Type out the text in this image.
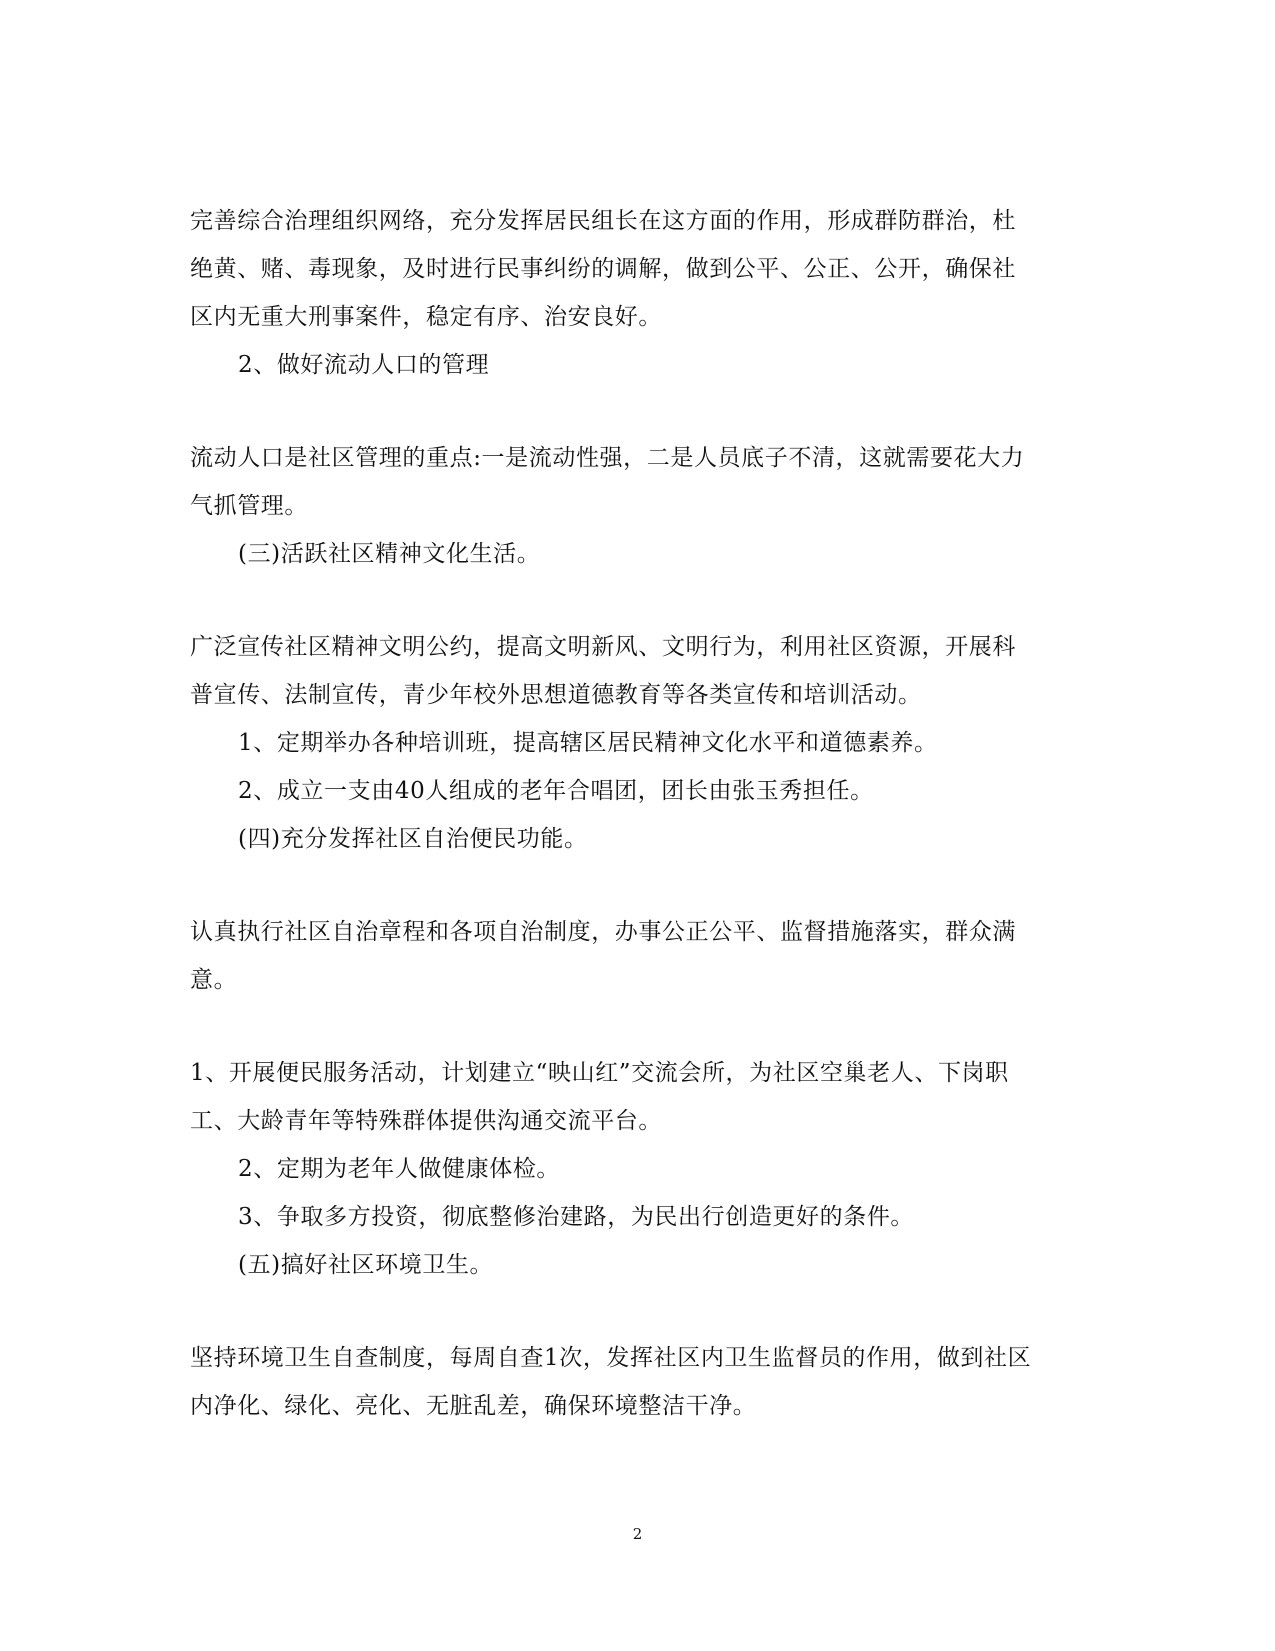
完善综合治理组织网络，充分发挥居民组长在这方面的作用，形成群防群治，杜
绝黄、赌、毒现象，及时进行民事纠纷的调解，做到公平、公正、公开，确保社
区内无重大刑事案件，稳定有序、治安良好。
2、做好流动人口的管理
流动人口是社区管理的重点:一是流动性强，二是人员底子不清，这就需要花大力
气抓管理。
(三)活跃社区精神文化生活。
广泛宣传社区精神文明公约，提高文明新风、文明行为，利用社区资源，开展科
普宣传、法制宣传，青少年校外思想道德教育等各类宣传和培训活动。
1、定期举办各种培训班，提高辖区居民精神文化水平和道德素养。
2、成立一支由40人组成的老年合唱团，团长由张玉秀担任。
(四)充分发挥社区自治便民功能。
认真执行社区自治章程和各项自治制度，办事公正公平、监督措施落实，群众满
意。
1、开展便民服务活动，计划建立“映山红”交流会所，为社区空巢老人、下岗职
工、大龄青年等特殊群体提供沟通交流平台。
2、定期为老年人做健康体检。
3、争取多方投资，彻底整修治建路，为民出行创造更好的条件。
(五)搞好社区环境卫生。
坚持环境卫生自查制度，每周自查1次，发挥社区内卫生监督员的作用，做到社区
内净化、绿化、亮化、无脏乱差，确保环境整洁干净。
2
